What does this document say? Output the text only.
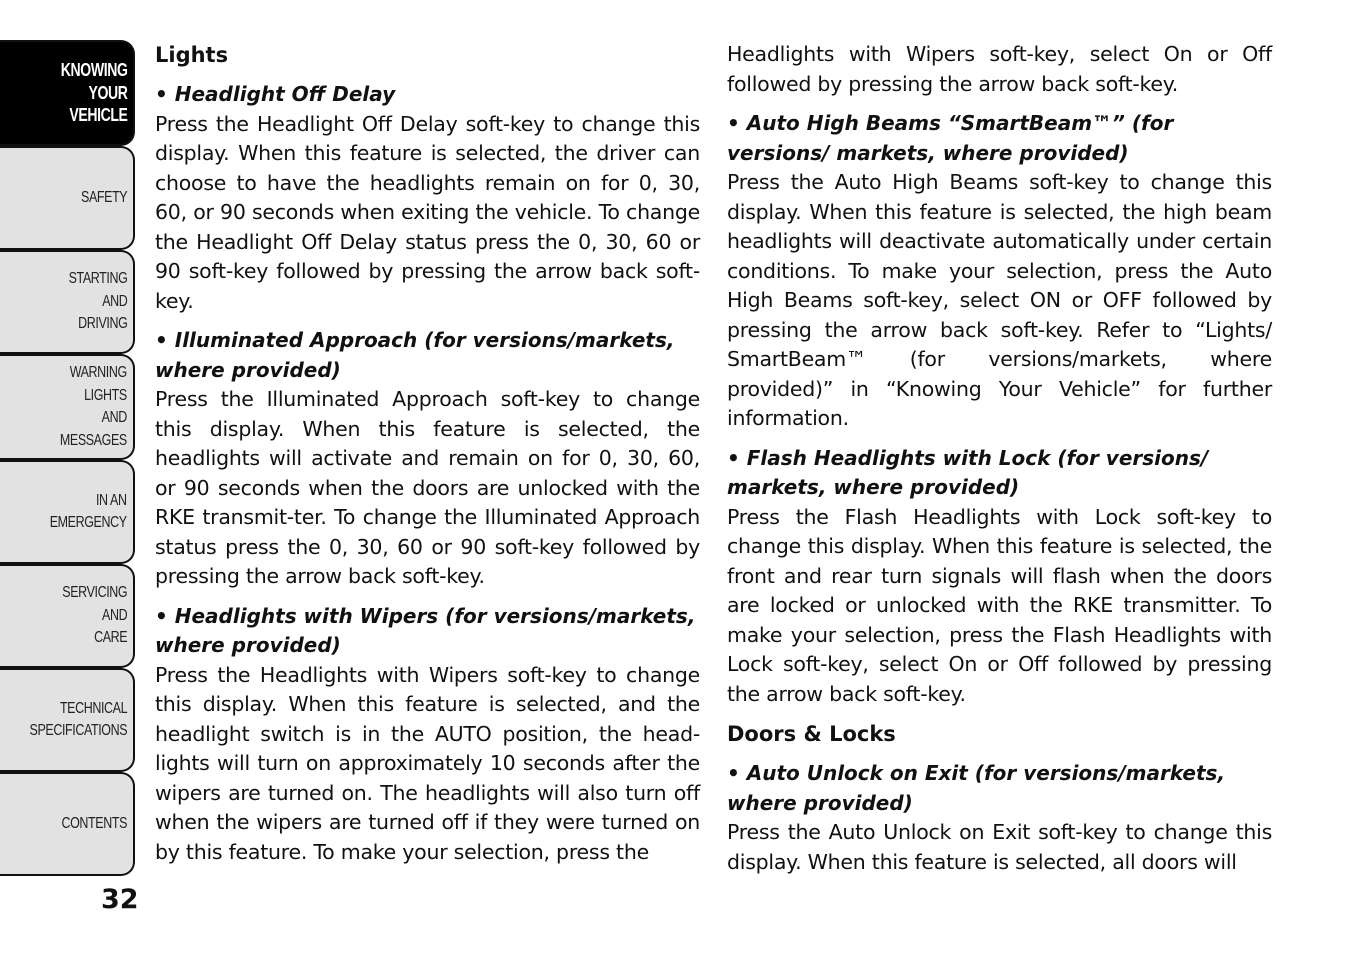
KNOWING
YOUR
VEHICLE
SAFETY
STARTING
AND
DRIVING
WARNING
LIGHTS
AND
MESSAGES
IN AN
EMERGENCY
SERVICING
AND
CARE
TECHNICAL
SPECIFICATIONS
CONTENTS
32
Lights
• Headlight Off Delay
Press the Headlight Off Delay soft-key to change this display. When this feature is selected, the driver can choose to have the headlights remain on for 0, 30, 60, or 90 seconds when exiting the vehicle. To change the Headlight Off Delay status press the 0, 30, 60 or 90 soft-key followed by pressing the arrow back soft-key.
• Illuminated Approach (for versions/markets, where provided)
Press the Illuminated Approach soft-key to change this display. When this feature is selected, the headlights will activate and remain on for 0, 30, 60, or 90 seconds when the doors are unlocked with the RKE transmit-ter. To change the Illuminated Approach status press the 0, 30, 60 or 90 soft-key followed by pressing the arrow back soft-key.
• Headlights with Wipers (for versions/markets, where provided)
Press the Headlights with Wipers soft-key to change this display. When this feature is selected, and the headlight switch is in the AUTO position, the head-lights will turn on approximately 10 seconds after the wipers are turned on. The headlights will also turn off when the wipers are turned off if they were turned on by this feature. To make your selection, press the
Headlights with Wipers soft-key, select On or Off followed by pressing the arrow back soft-key.
• Auto High Beams “SmartBeam™” (for versions/ markets, where provided)
Press the Auto High Beams soft-key to change this display. When this feature is selected, the high beam headlights will deactivate automatically under certain conditions. To make your selection, press the Auto High Beams soft-key, select ON or OFF followed by pressing the arrow back soft-key. Refer to “Lights/ SmartBeam™ (for versions/markets, where provided)” in “Knowing Your Vehicle” for further information.
• Flash Headlights with Lock (for versions/ markets, where provided)
Press the Flash Headlights with Lock soft-key to change this display. When this feature is selected, the front and rear turn signals will flash when the doors are locked or unlocked with the RKE transmitter. To make your selection, press the Flash Headlights with Lock soft-key, select On or Off followed by pressing the arrow back soft-key.
Doors & Locks
• Auto Unlock on Exit (for versions/markets, where provided)
Press the Auto Unlock on Exit soft-key to change this display. When this feature is selected, all doors will
